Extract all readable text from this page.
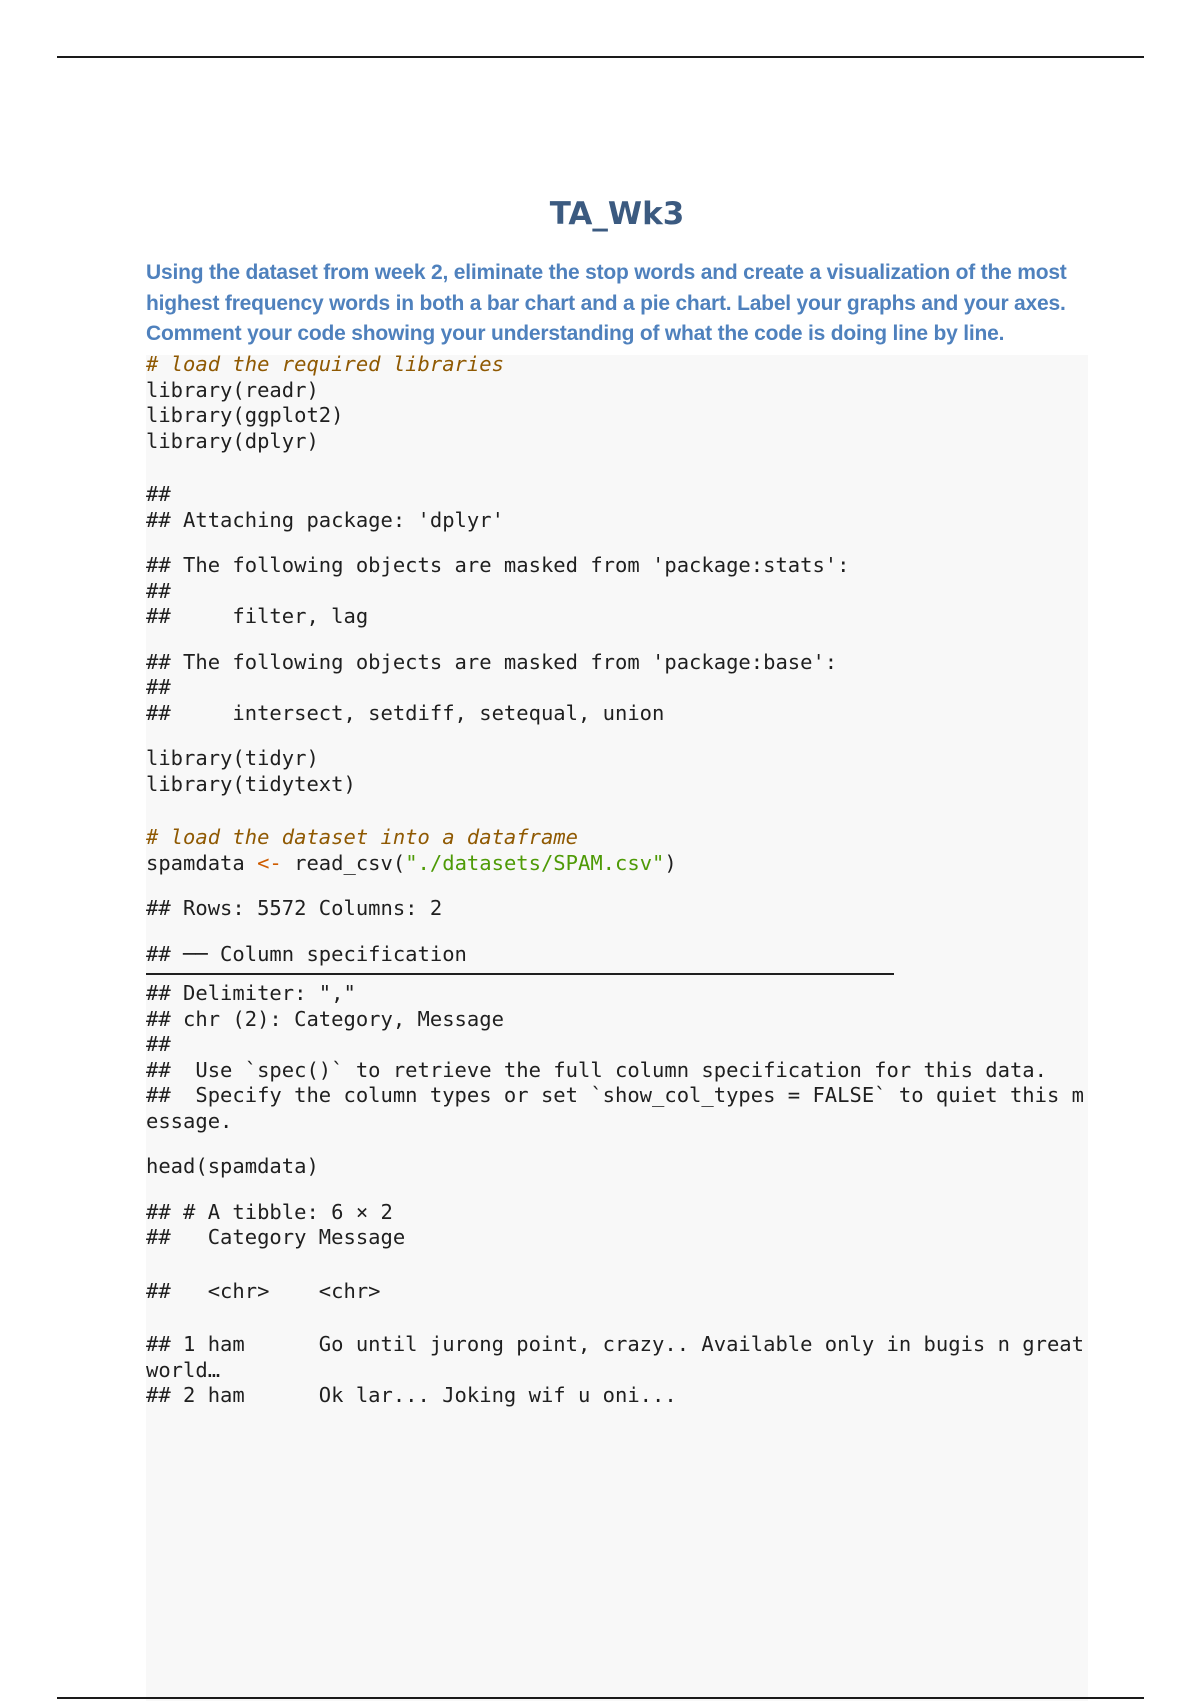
TA_Wk3

Using the dataset from week 2, eliminate the stop words and create a visualization of the most highest frequency words in both a bar chart and a pie chart. Label your graphs and your axes. Comment your code showing your understanding of what the code is doing line by line.

# load the required libraries
library(readr)
library(ggplot2)
library(dplyr)
##
## Attaching package: 'dplyr'
## The following objects are masked from 'package:stats':
##
##     filter, lag
## The following objects are masked from 'package:base':
##
##     intersect, setdiff, setequal, union
library(tidyr)
library(tidytext)
# load the dataset into a dataframe
spamdata <- read_csv("./datasets/SPAM.csv")
## Rows: 5572 Columns: 2
## ── Column specification
## Delimiter: ","
## chr (2): Category, Message
##
##  Use `spec()` to retrieve the full column specification for this data.
##  Specify the column types or set `show_col_types = FALSE` to quiet this message.
head(spamdata)
## # A tibble: 6 × 2
##   Category Message
##   <chr>    <chr>
## 1 ham      Go until jurong point, crazy.. Available only in bugis n great world…
## 2 ham      Ok lar... Joking wif u oni...
